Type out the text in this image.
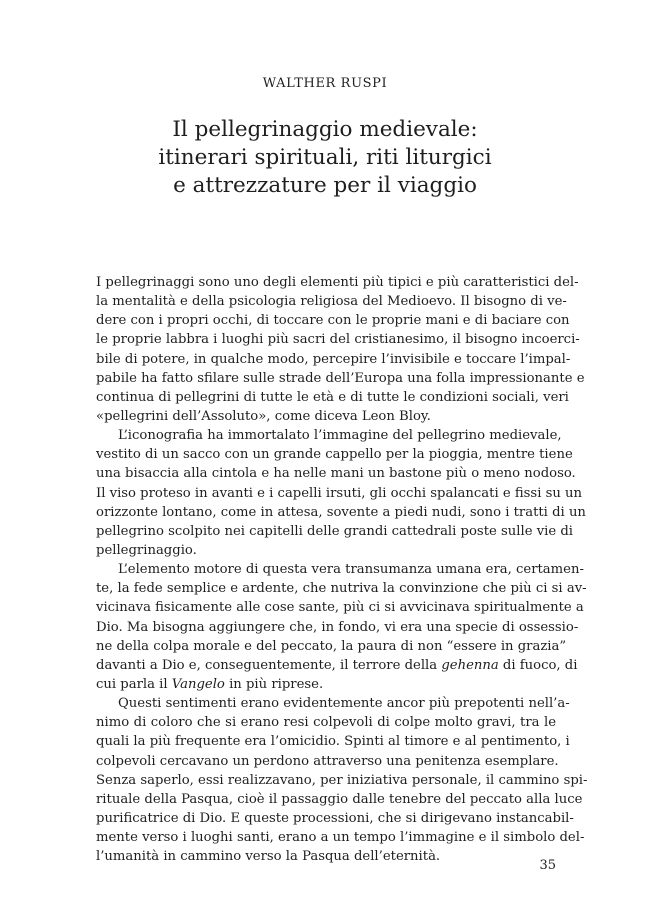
WALTHER RUSPI
Il pellegrinaggio medievale:
itinerari spirituali, riti liturgici
e attrezzature per il viaggio
I pellegrinaggi sono uno degli elementi più tipici e più caratteristici del-
la mentalità e della psicologia religiosa del Medioevo. Il bisogno di ve-
dere con i propri occhi, di toccare con le proprie mani e di baciare con
le proprie labbra i luoghi più sacri del cristianesimo, il bisogno incoerci-
bile di potere, in qualche modo, percepire l’invisibile e toccare l’impal-
pabile ha fatto sfilare sulle strade dell’Europa una folla impressionante e
continua di pellegrini di tutte le età e di tutte le condizioni sociali, veri
«pellegrini dell’Assoluto», come diceva Leon Bloy.
L’iconografia ha immortalato l’immagine del pellegrino medievale,
vestito di un sacco con un grande cappello per la pioggia, mentre tiene
una bisaccia alla cintola e ha nelle mani un bastone più o meno nodoso.
Il viso proteso in avanti e i capelli irsuti, gli occhi spalancati e fissi su un
orizzonte lontano, come in attesa, sovente a piedi nudi, sono i tratti di un
pellegrino scolpito nei capitelli delle grandi cattedrali poste sulle vie di
pellegrinaggio.
L’elemento motore di questa vera transumanza umana era, certamen-
te, la fede semplice e ardente, che nutriva la convinzione che più ci si av-
vicinava fisicamente alle cose sante, più ci si avvicinava spiritualmente a
Dio. Ma bisogna aggiungere che, in fondo, vi era una specie di ossessio-
ne della colpa morale e del peccato, la paura di non “essere in grazia”
davanti a Dio e, conseguentemente, il terrore della gehenna di fuoco, di
cui parla il Vangelo in più riprese.
Questi sentimenti erano evidentemente ancor più prepotenti nell’a-
nimo di coloro che si erano resi colpevoli di colpe molto gravi, tra le
quali la più frequente era l’omicidio. Spinti al timore e al pentimento, i
colpevoli cercavano un perdono attraverso una penitenza esemplare.
Senza saperlo, essi realizzavano, per iniziativa personale, il cammino spi-
rituale della Pasqua, cioè il passaggio dalle tenebre del peccato alla luce
purificatrice di Dio. E queste processioni, che si dirigevano instancabil-
mente verso i luoghi santi, erano a un tempo l’immagine e il simbolo del-
l’umanità in cammino verso la Pasqua dell’eternità.
35
